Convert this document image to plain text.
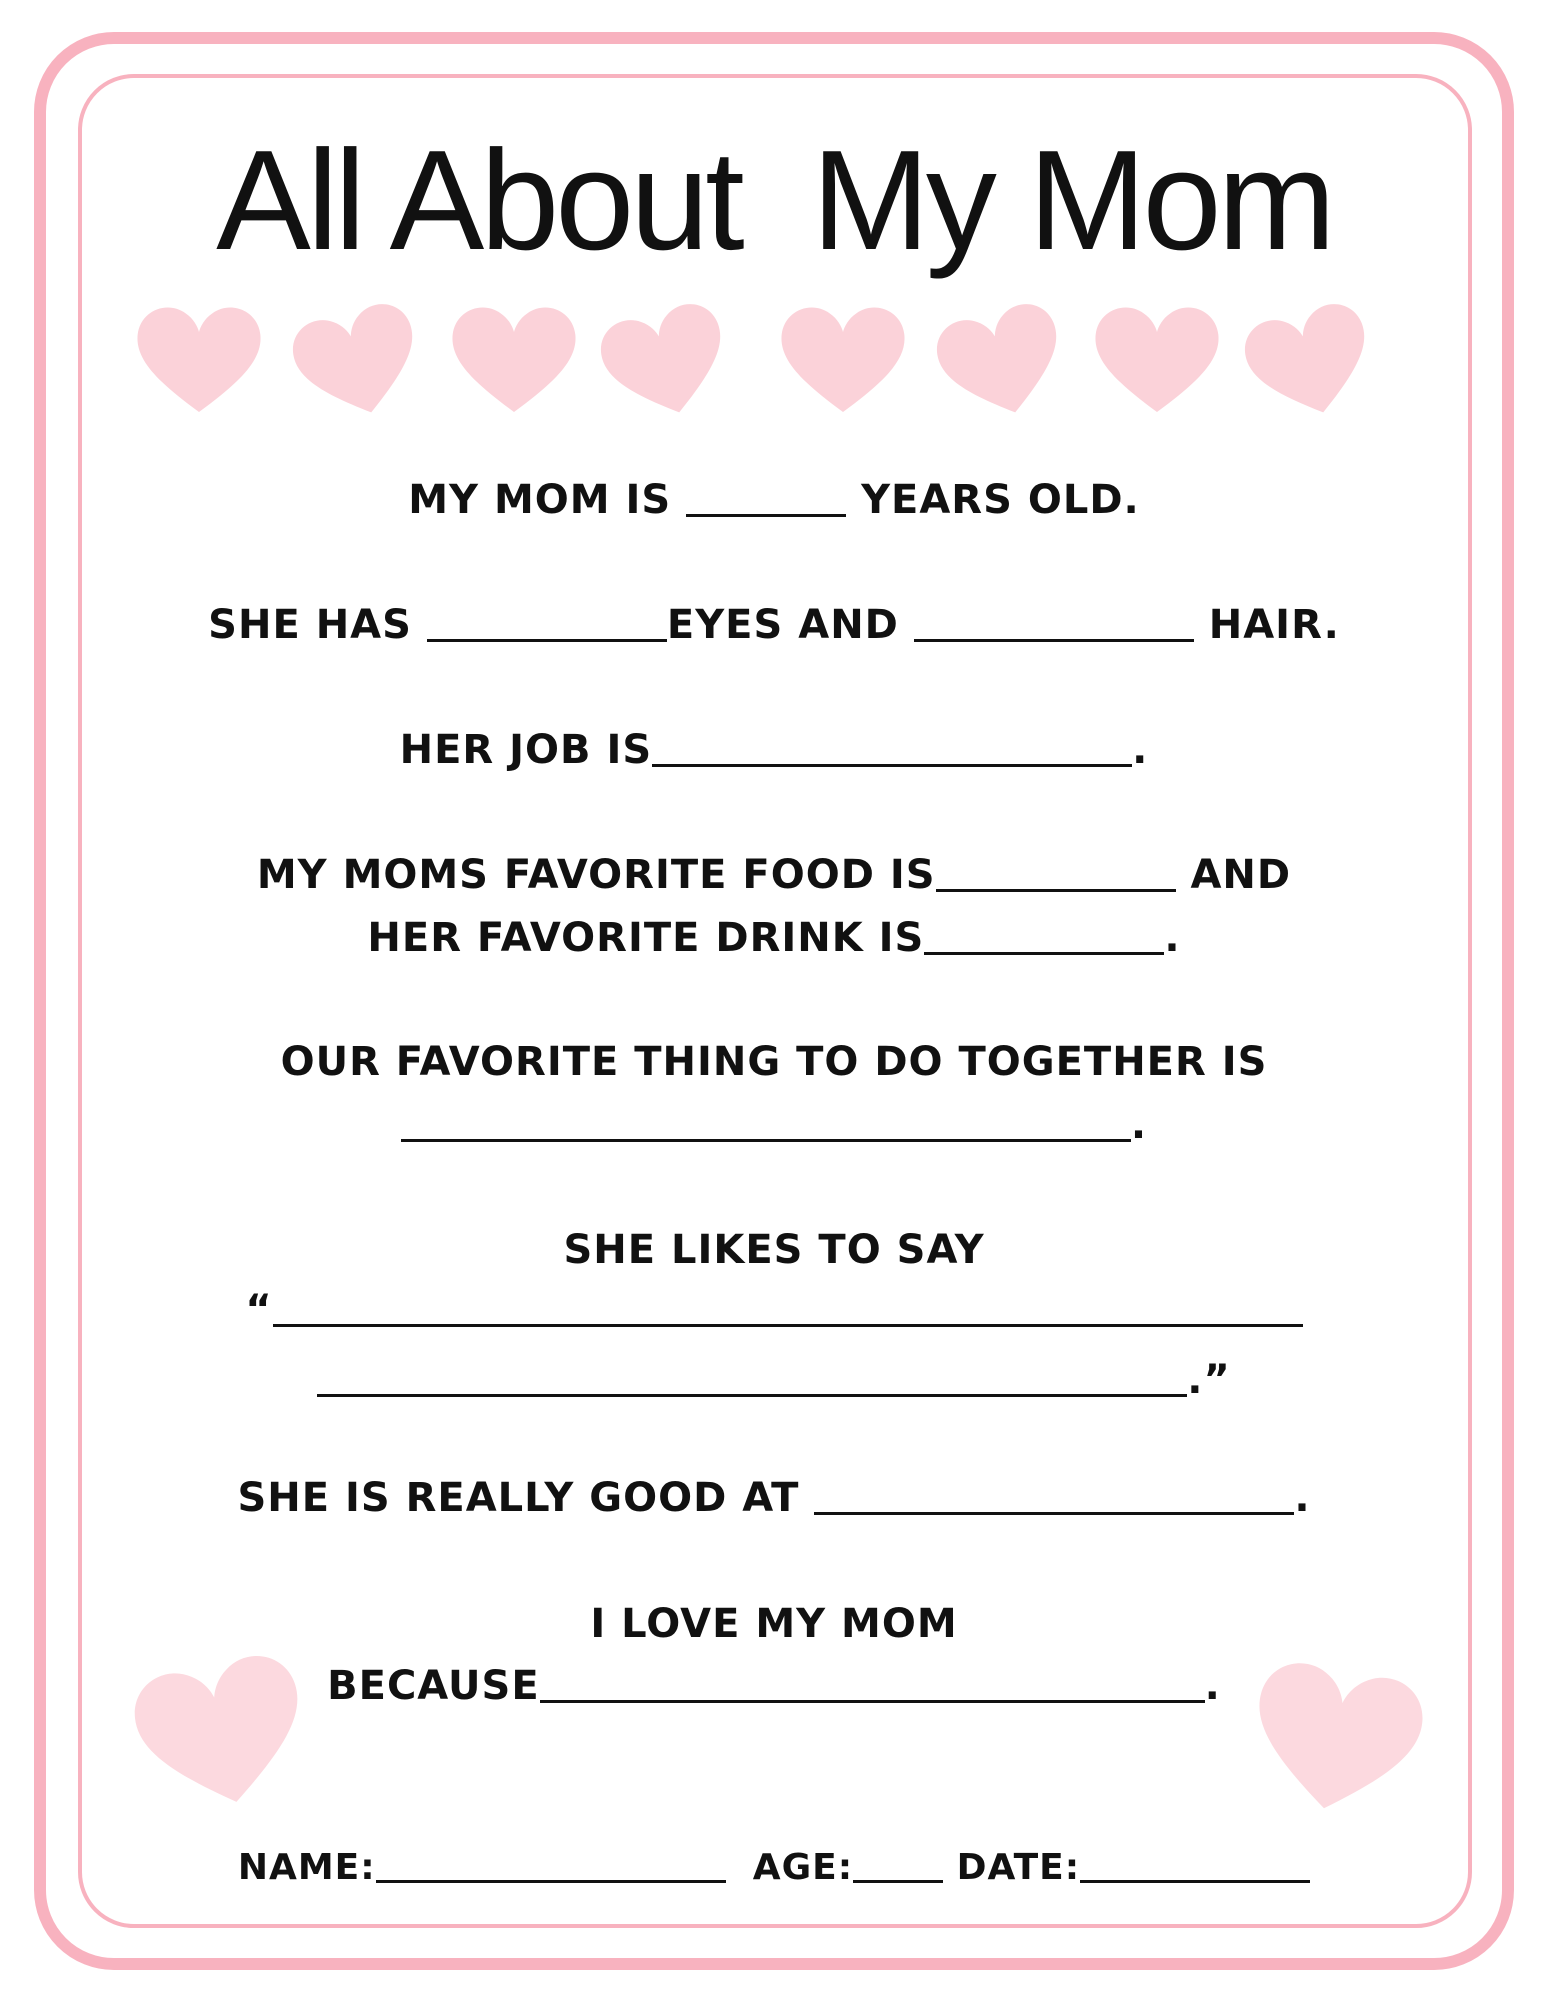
All About  My Mom
MY MOM IS	YEARS OLD.
SHE HAS	EYES AND	HAIR.
HER JOB IS	.
MY MOMS FAVORITE FOOD IS	AND
HER FAVORITE DRINK IS	.
OUR FAVORITE THING TO DO TOGETHER IS
.
SHE LIKES TO SAY
“
.”
SHE IS REALLY GOOD AT	.
I LOVE MY MOM
BECAUSE	.
NAME:	AGE:	DATE:
